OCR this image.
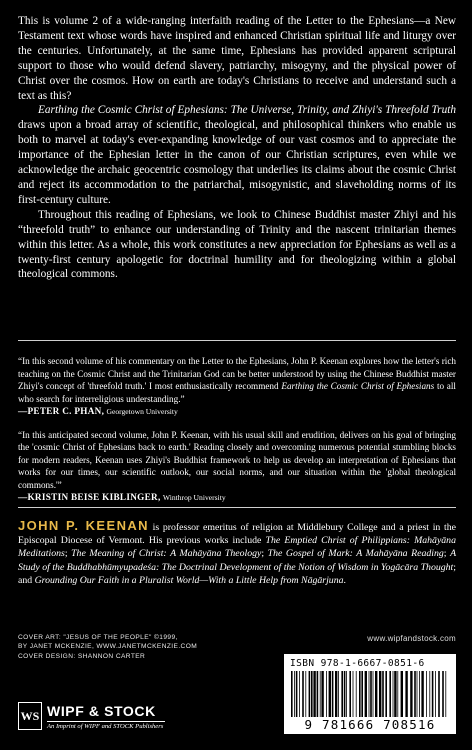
This is volume 2 of a wide-ranging interfaith reading of the Letter to the Ephesians—a New Testament text whose words have inspired and enhanced Christian spiritual life and liturgy over the centuries. Unfortunately, at the same time, Ephesians has provided apparent scriptural support to those who would defend slavery, patriarchy, misogyny, and the physical power of Christ over the cosmos. How on earth are today's Christians to receive and understand such a text as this?

Earthing the Cosmic Christ of Ephesians: The Universe, Trinity, and Zhiyi's Threefold Truth draws upon a broad array of scientific, theological, and philosophical thinkers who enable us both to marvel at today's ever-expanding knowledge of our vast cosmos and to appreciate the importance of the Ephesian letter in the canon of our Christian scriptures, even while we acknowledge the archaic geocentric cosmology that underlies its claims about the cosmic Christ and reject its accommodation to the patriarchal, misogynistic, and slaveholding norms of its first-century culture.

Throughout this reading of Ephesians, we look to Chinese Buddhist master Zhiyi and his “threefold truth” to enhance our understanding of Trinity and the nascent trinitarian themes within this letter. As a whole, this work constitutes a new appreciation for Ephesians as well as a twenty-first century apologetic for doctrinal humility and for theologizing within a global theological commons.

“In this second volume of his commentary on the Letter to the Ephesians, John P. Keenan explores how the letter's rich teaching on the Cosmic Christ and the Trinitarian God can be better understood by using the Chinese Buddhist master Zhiyi's concept of 'threefold truth.' I most enthusiastically recommend Earthing the Cosmic Christ of Ephesians to all who search for interreligious understanding.”

—PETER C. PHAN, Georgetown University

“In this anticipated second volume, John P. Keenan, with his usual skill and erudition, delivers on his goal of bringing the 'cosmic Christ of Ephesians back to earth.' Reading closely and overcoming numerous potential stumbling blocks for modern readers, Keenan uses Zhiyi's Buddhist framework to help us develop an interpretation of Ephesians that works for our times, our scientific outlook, our social norms, and our situation within the 'global theological commons.'”

—KRISTIN BEISE KIBLINGER, Winthrop University

JOHN P. KEENAN is professor emeritus of religion at Middlebury College and a priest in the Episcopal Diocese of Vermont. His previous works include The Emptied Christ of Philippians: Mahāyāna Meditations; The Meaning of Christ: A Mahāyāna Theology; The Gospel of Mark: A Mahāyāna Reading; A Study of the Buddhabhūmyupadeśa: The Doctrinal Development of the Notion of Wisdom in Yogācāra Thought; and Grounding Our Faith in a Pluralist World—With a Little Help from Nāgārjuna.
COVER ART: "JESUS OF THE PEOPLE" ©1999,
BY JANET MCKENZIE, WWW.JANETMCKENZIE.COM
COVER DESIGN: SHANNON CARTER
www.wipfandstock.com
ISBN 978-1-6667-0851-6
9 781666 708516
WS WIPF & STOCK
An Imprint of WIPF and STOCK Publishers
